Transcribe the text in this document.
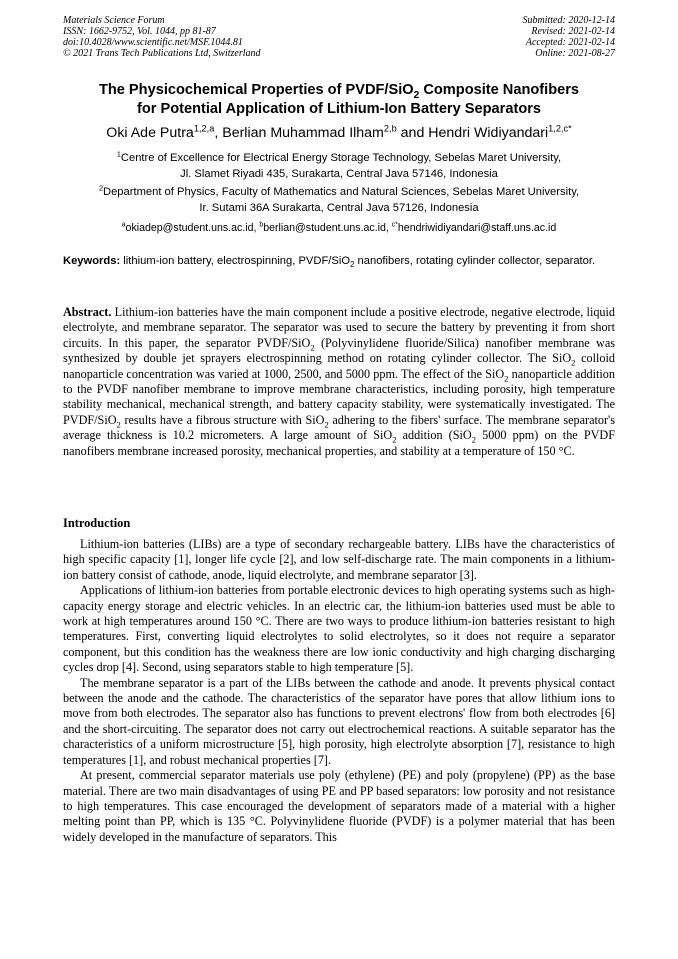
Materials Science Forum
ISSN: 1662-9752, Vol. 1044, pp 81-87
doi:10.4028/www.scientific.net/MSF.1044.81
© 2021 Trans Tech Publications Ltd, Switzerland
Submitted: 2020-12-14
Revised: 2021-02-14
Accepted: 2021-02-14
Online: 2021-08-27
The Physicochemical Properties of PVDF/SiO$_2$ Composite Nanofibers
for Potential Application of Lithium-Ion Battery Separators
Oki Ade Putra$^{1,2,a}$, Berlian Muhammad Ilham$^{2,b}$ and Hendri Widiyandari$^{1,2,c*}$
$^1$Centre of Excellence for Electrical Energy Storage Technology, Sebelas Maret University,
Jl. Slamet Riyadi 435, Surakarta, Central Java 57146, Indonesia
$^2$Department of Physics, Faculty of Mathematics and Natural Sciences, Sebelas Maret University,
Ir. Sutami 36A Surakarta, Central Java 57126, Indonesia
$^a$okiadep@student.uns.ac.id, $^b$berlian@student.uns.ac.id, $^{c*}$hendriwidiyandari@staff.uns.ac.id
Keywords: lithium-ion battery, electrospinning, PVDF/SiO$_2$ nanofibers, rotating cylinder collector, separator.
Abstract. Lithium-ion batteries have the main component include a positive electrode, negative electrode, liquid electrolyte, and membrane separator. The separator was used to secure the battery by preventing it from short circuits. In this paper, the separator PVDF/SiO$_2$ (Polyvinylidene fluoride/Silica) nanofiber membrane was synthesized by double jet sprayers electrospinning method on rotating cylinder collector. The SiO$_2$ colloid nanoparticle concentration was varied at 1000, 2500, and 5000 ppm. The effect of the SiO$_2$ nanoparticle addition to the PVDF nanofiber membrane to improve membrane characteristics, including porosity, high temperature stability mechanical, mechanical strength, and battery capacity stability, were systematically investigated. The PVDF/SiO$_2$ results have a fibrous structure with SiO$_2$ adhering to the fibers' surface. The membrane separator's average thickness is 10.2 micrometers. A large amount of SiO$_2$ addition (SiO$_2$ 5000 ppm) on the PVDF nanofibers membrane increased porosity, mechanical properties, and stability at a temperature of 150 °C.
Introduction

Lithium-ion batteries (LIBs) are a type of secondary rechargeable battery. LIBs have the characteristics of high specific capacity [1], longer life cycle [2], and low self-discharge rate. The main components in a lithium-ion battery consist of cathode, anode, liquid electrolyte, and membrane separator [3].

Applications of lithium-ion batteries from portable electronic devices to high operating systems such as high-capacity energy storage and electric vehicles. In an electric car, the lithium-ion batteries used must be able to work at high temperatures around 150 °C. There are two ways to produce lithium-ion batteries resistant to high temperatures. First, converting liquid electrolytes to solid electrolytes, so it does not require a separator component, but this condition has the weakness there are low ionic conductivity and high charging discharging cycles drop [4]. Second, using separators stable to high temperature [5].

The membrane separator is a part of the LIBs between the cathode and anode. It prevents physical contact between the anode and the cathode. The characteristics of the separator have pores that allow lithium ions to move from both electrodes. The separator also has functions to prevent electrons' flow from both electrodes [6] and the short-circuiting. The separator does not carry out electrochemical reactions. A suitable separator has the characteristics of a uniform microstructure [5], high porosity, high electrolyte absorption [7], resistance to high temperatures [1], and robust mechanical properties [7].

At present, commercial separator materials use poly (ethylene) (PE) and poly (propylene) (PP) as the base material. There are two main disadvantages of using PE and PP based separators: low porosity and not resistance to high temperatures. This case encouraged the development of separators made of a material with a higher melting point than PP, which is 135 °C. Polyvinylidene fluoride (PVDF) is a polymer material that has been widely developed in the manufacture of separators. This
